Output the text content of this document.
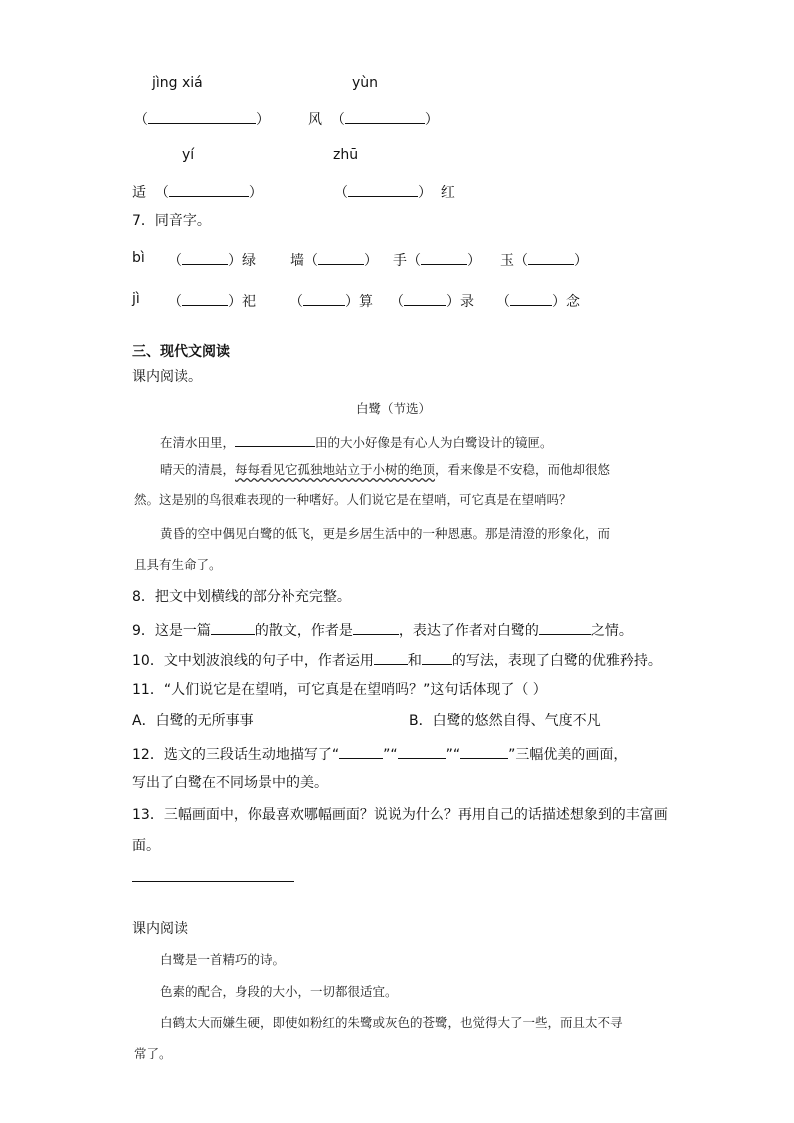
jìng xiá	yùn
（	）	风 （	）
yí	zhū
适 （	）	（	） 红
7．同音字。
bì （	）绿 墙（	） 手（	） 玉（	）
jì （	）祀 （	）算 （	）录 （	）念
三、现代文阅读
课内阅读。
白鹭（节选）
在清水田里，	田的大小好像是有心人为白鹭设计的镜匣。
晴天的清晨，每每看见它孤独地站立于小树的绝顶，看来像是不安稳，而他却很悠
然。这是别的鸟很难表现的一种嗜好。人们说它是在望哨，可它真是在望哨吗？
黄昏的空中偶见白鹭的低飞，更是乡居生活中的一种恩惠。那是清澄的形象化，而
且具有生命了。
8．把文中划横线的部分补充完整。
9．这是一篇	的散文，作者是	，表达了作者对白鹭的	之情。
10．文中划波浪线的句子中，作者运用 和 的写法，表现了白鹭的优雅矜持。
11．“人们说它是在望哨，可它真是在望哨吗？”这句话体现了（ ）
A．白鹭的无所事事	B．白鹭的悠然自得、气度不凡
12．选文的三段话生动地描写了“	”“	”“	”三幅优美的画面，
写出了白鹭在不同场景中的美。
13．三幅画面中，你最喜欢哪幅画面？说说为什么？再用自己的话描述想象到的丰富画
面。
课内阅读
白鹭是一首精巧的诗。
色素的配合，身段的大小，一切都很适宜。
白鹤太大而嫌生硬，即使如粉红的朱鹭或灰色的苍鹭，也觉得大了一些，而且太不寻
常了。
